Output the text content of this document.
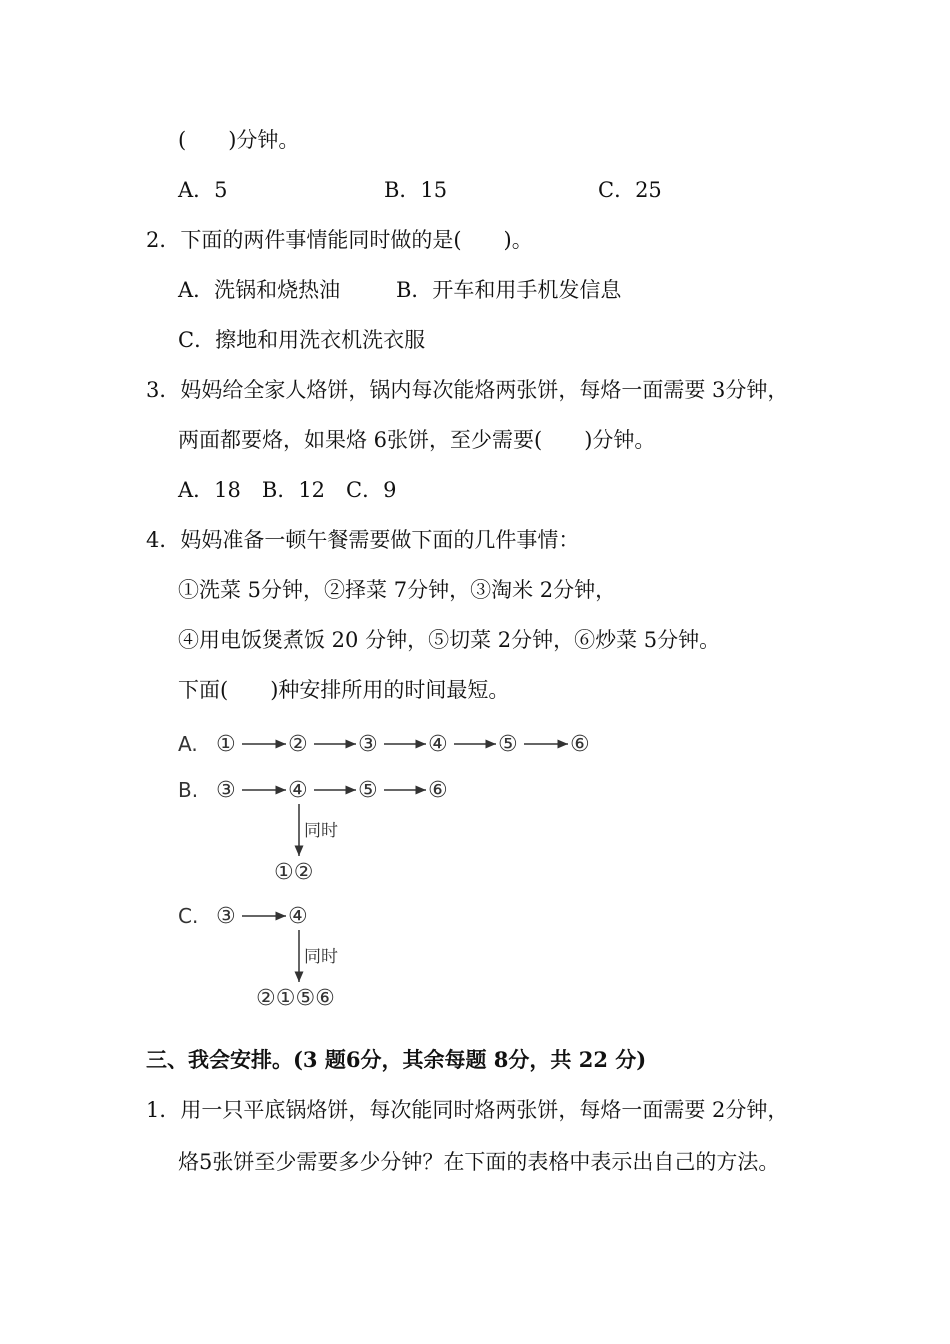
(　　)分钟。
A．5	B．15	C．25
2．下面的两件事情能同时做的是(　　)。
A．洗锅和烧热油	B．开车和用手机发信息
C．擦地和用洗衣机洗衣服
3．妈妈给全家人烙饼，锅内每次能烙两张饼，每烙一面需要 3分钟，
两面都要烙，如果烙 6张饼，至少需要(　　)分钟。
A．18　B．12　C．9
4．妈妈准备一顿午餐需要做下面的几件事情：
①洗菜 5分钟，②择菜 7分钟，③淘米 2分钟，
④用电饭煲煮饭 20 分钟，⑤切菜 2分钟，⑥炒菜 5分钟。
下面(　　)种安排所用的时间最短。
A. ① ② ③ ④ ⑤ ⑥
B. ③ ④ ⑤ ⑥
同时
①②
C. ③ ④
同时
②①⑤⑥
三、我会安排。(3 题6分，其余每题 8分，共 22 分)
1．用一只平底锅烙饼，每次能同时烙两张饼，每烙一面需要 2分钟，
烙5张饼至少需要多少分钟？在下面的表格中表示出自己的方法。
